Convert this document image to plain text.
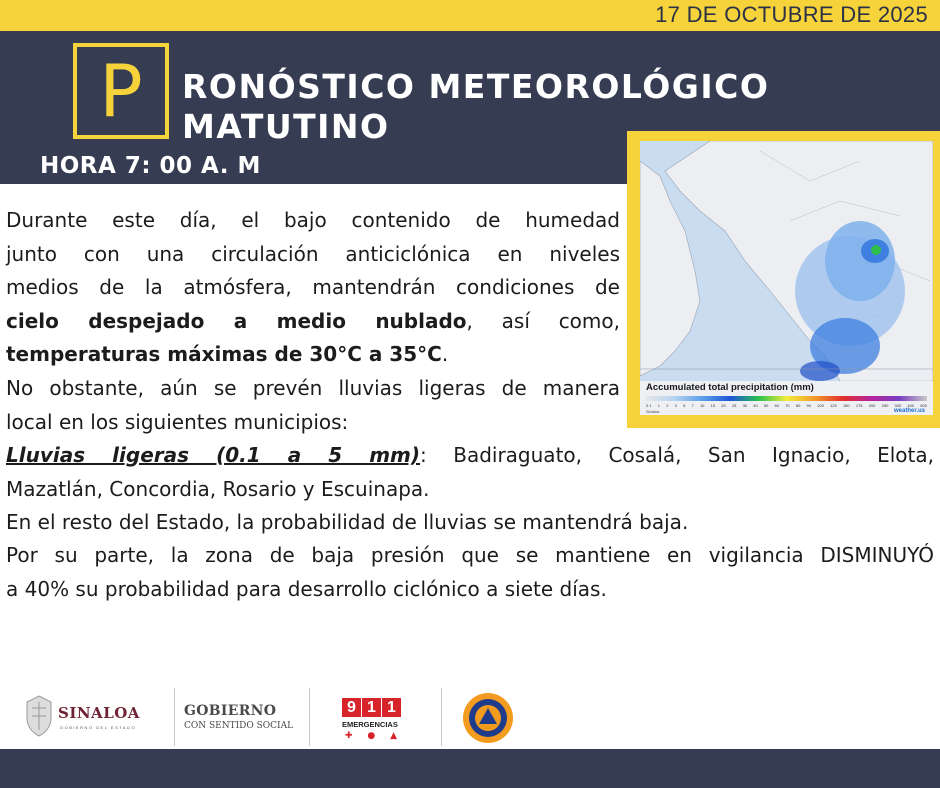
17 DE OCTUBRE DE 2025
P	RONÓSTICO METEOROLÓGICO
MATUTINO
HORA 7: 00 A. M
Accumulated total precipitation (mm)
0.1 1 2 3 5 7 10 15 20 25 30 40 50 60 70 80 90 100 125 150 175 200 250 300 400 500
Sinaloa	weather.us
Durante este día, el bajo contenido de humedad
junto con una circulación anticiclónica en niveles
medios de la atmósfera, mantendrán condiciones de
cielo despejado a medio nublado, así como,
temperaturas máximas de 30°C a 35°C.
No obstante, aún se prevén lluvias ligeras de manera
local en los siguientes municipios:
Lluvias ligeras (0.1 a 5 mm): Badiraguato, Cosalá, San Ignacio, Elota,
Mazatlán, Concordia, Rosario y Escuinapa.
En el resto del Estado, la probabilidad de lluvias se mantendrá baja.
Por su parte, la zona de baja presión que se mantiene en vigilancia DISMINUYÓ
a 40% su probabilidad para desarrollo ciclónico a siete días.
SINALOA
GOBIERNO DEL ESTADO
GOBIERNO
CON SENTIDO SOCIAL
9 1 1
EMERGENCIAS
✚ ● ▲
